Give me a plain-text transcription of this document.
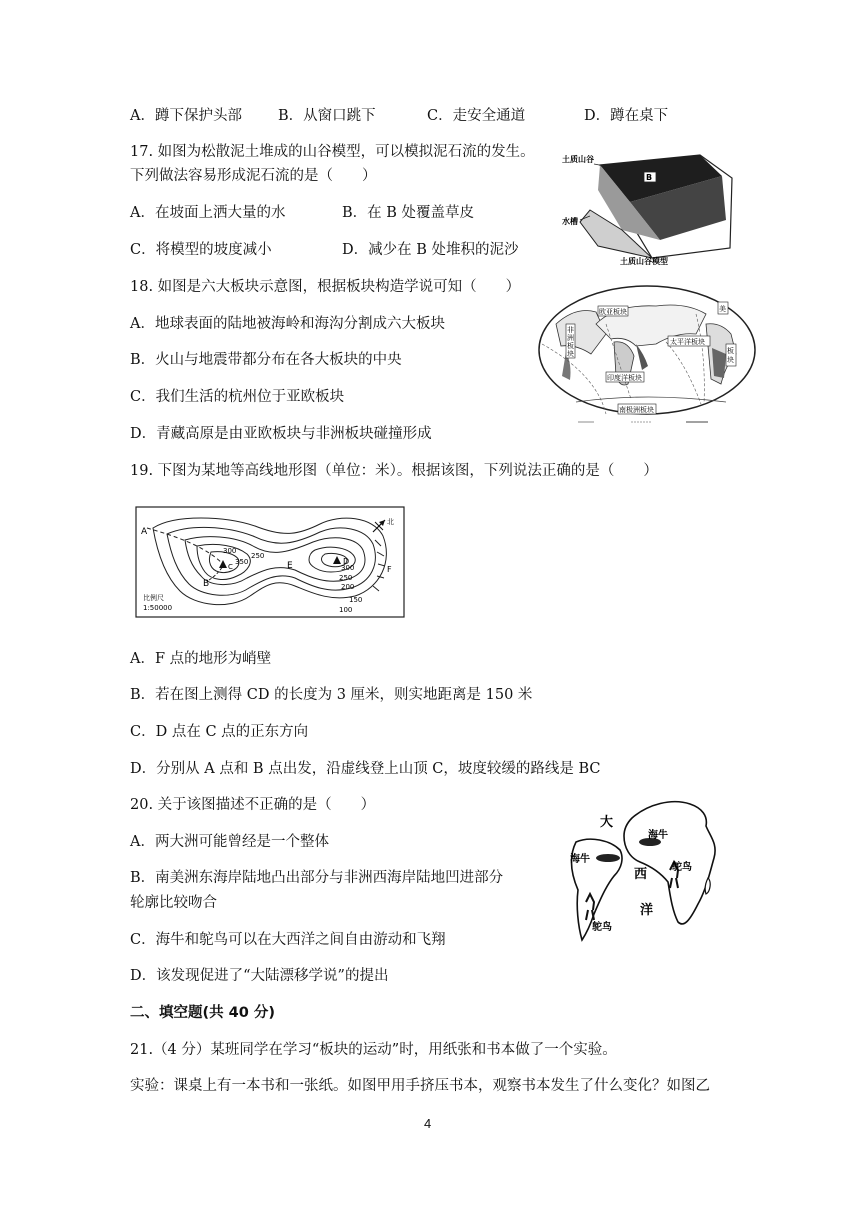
A．蹲下保护头部 B．从窗口跳下	C．走安全通道	D．蹲在桌下
17. 如图为松散泥土堆成的山谷模型，可以模拟泥石流的发生。
下列做法容易形成泥石流的是（　　）
A．在坡面上洒大量的水	B．在 B 处覆盖草皮
C．将模型的坡度减小	D．减少在 B 处堆积的泥沙
B
土质山谷
水槽
土质山谷模型
18. 如图是六大板块示意图，根据板块构造学说可知（　　）
A．地球表面的陆地被海岭和海沟分割成六大板块
B．火山与地震带都分布在各大板块的中央
C．我们生活的杭州位于亚欧板块
D．青藏高原是由亚欧板块与非洲板块碰撞形成
欧亚板块
非洲板块
太平洋板块
印度洋板块
南极洲板块
美
板块
19. 下图为某地等高线地形图（单位：米）。根据该图，下列说法正确的是（　　）
A
B
C
D
E	F
300
250
350
300
250
200
150
100
北
比例尺
1:50000
A．F 点的地形为峭壁
B．若在图上测得 CD 的长度为 3 厘米，则实地距离是 150 米
C．D 点在 C 点的正东方向
D．分别从 A 点和 B 点出发，沿虚线登上山顶 C，坡度较缓的路线是 BC
20. 关于该图描述不正确的是（　　）
A．两大洲可能曾经是一个整体
B．南美洲东海岸陆地凸出部分与非洲西海岸陆地凹进部分
轮廓比较吻合
C．海牛和鸵鸟可以在大西洋之间自由游动和飞翔
D．该发现促进了“大陆漂移学说”的提出
大
西
洋
海牛
鸵鸟
海牛
鸵鸟
二、填空题(共 40 分)
21.（4 分）某班同学在学习“板块的运动”时，用纸张和书本做了一个实验。
实验：课桌上有一本书和一张纸。如图甲用手挤压书本，观察书本发生了什么变化？如图乙
4
